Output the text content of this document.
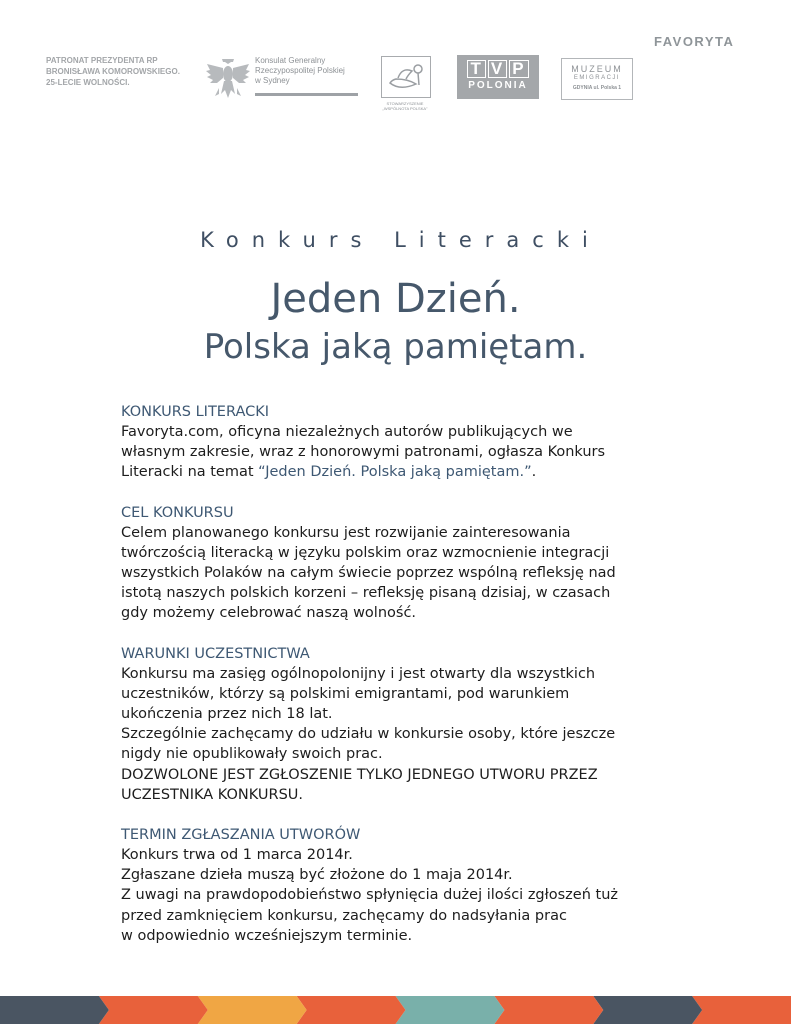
FAVORYTA
PATRONAT PREZYDENTA RP
BRONISŁAWA KOMOROWSKIEGO.
25-LECIE WOLNOŚCI.
Konsulat Generalny
Rzeczypospolitej Polskiej
w Sydney
STOWARZYSZENIE
„WSPÓLNOTA POLSKA"
T V P
POLONIA
MUZEUM
EMIGRACJI
GDYNIA ul. Polska 1
Konkurs Literacki
Jeden Dzień.
Polska jaką pamiętam.
KONKURS LITERACKI
Favoryta.com, oficyna niezależnych autorów publikujących we
własnym zakresie, wraz z honorowymi patronami, ogłasza Konkurs
Literacki na temat “Jeden Dzień. Polska jaką pamiętam.”.
CEL KONKURSU
Celem planowanego konkursu jest rozwijanie zainteresowania
twórczością literacką w języku polskim oraz wzmocnienie integracji
wszystkich Polaków na całym świecie poprzez wspólną refleksję nad
istotą naszych polskich korzeni – refleksję pisaną dzisiaj, w czasach
gdy możemy celebrować naszą wolność.
WARUNKI UCZESTNICTWA
Konkursu ma zasięg ogólnopolonijny i jest otwarty dla wszystkich
uczestników, którzy są polskimi emigrantami, pod warunkiem
ukończenia przez nich 18 lat.
Szczególnie zachęcamy do udziału w konkursie osoby, które jeszcze
nigdy nie opublikowały swoich prac.
DOZWOLONE JEST ZGŁOSZENIE TYLKO JEDNEGO UTWORU PRZEZ
UCZESTNIKA KONKURSU.
TERMIN ZGŁASZANIA UTWORÓW
Konkurs trwa od 1 marca 2014r.
Zgłaszane dzieła muszą być złożone do 1 maja 2014r.
Z uwagi na prawdopodobieństwo spłynięcia dużej ilości zgłoszeń tuż
przed zamknięciem konkursu, zachęcamy do nadsyłania prac
w odpowiednio wcześniejszym terminie.
